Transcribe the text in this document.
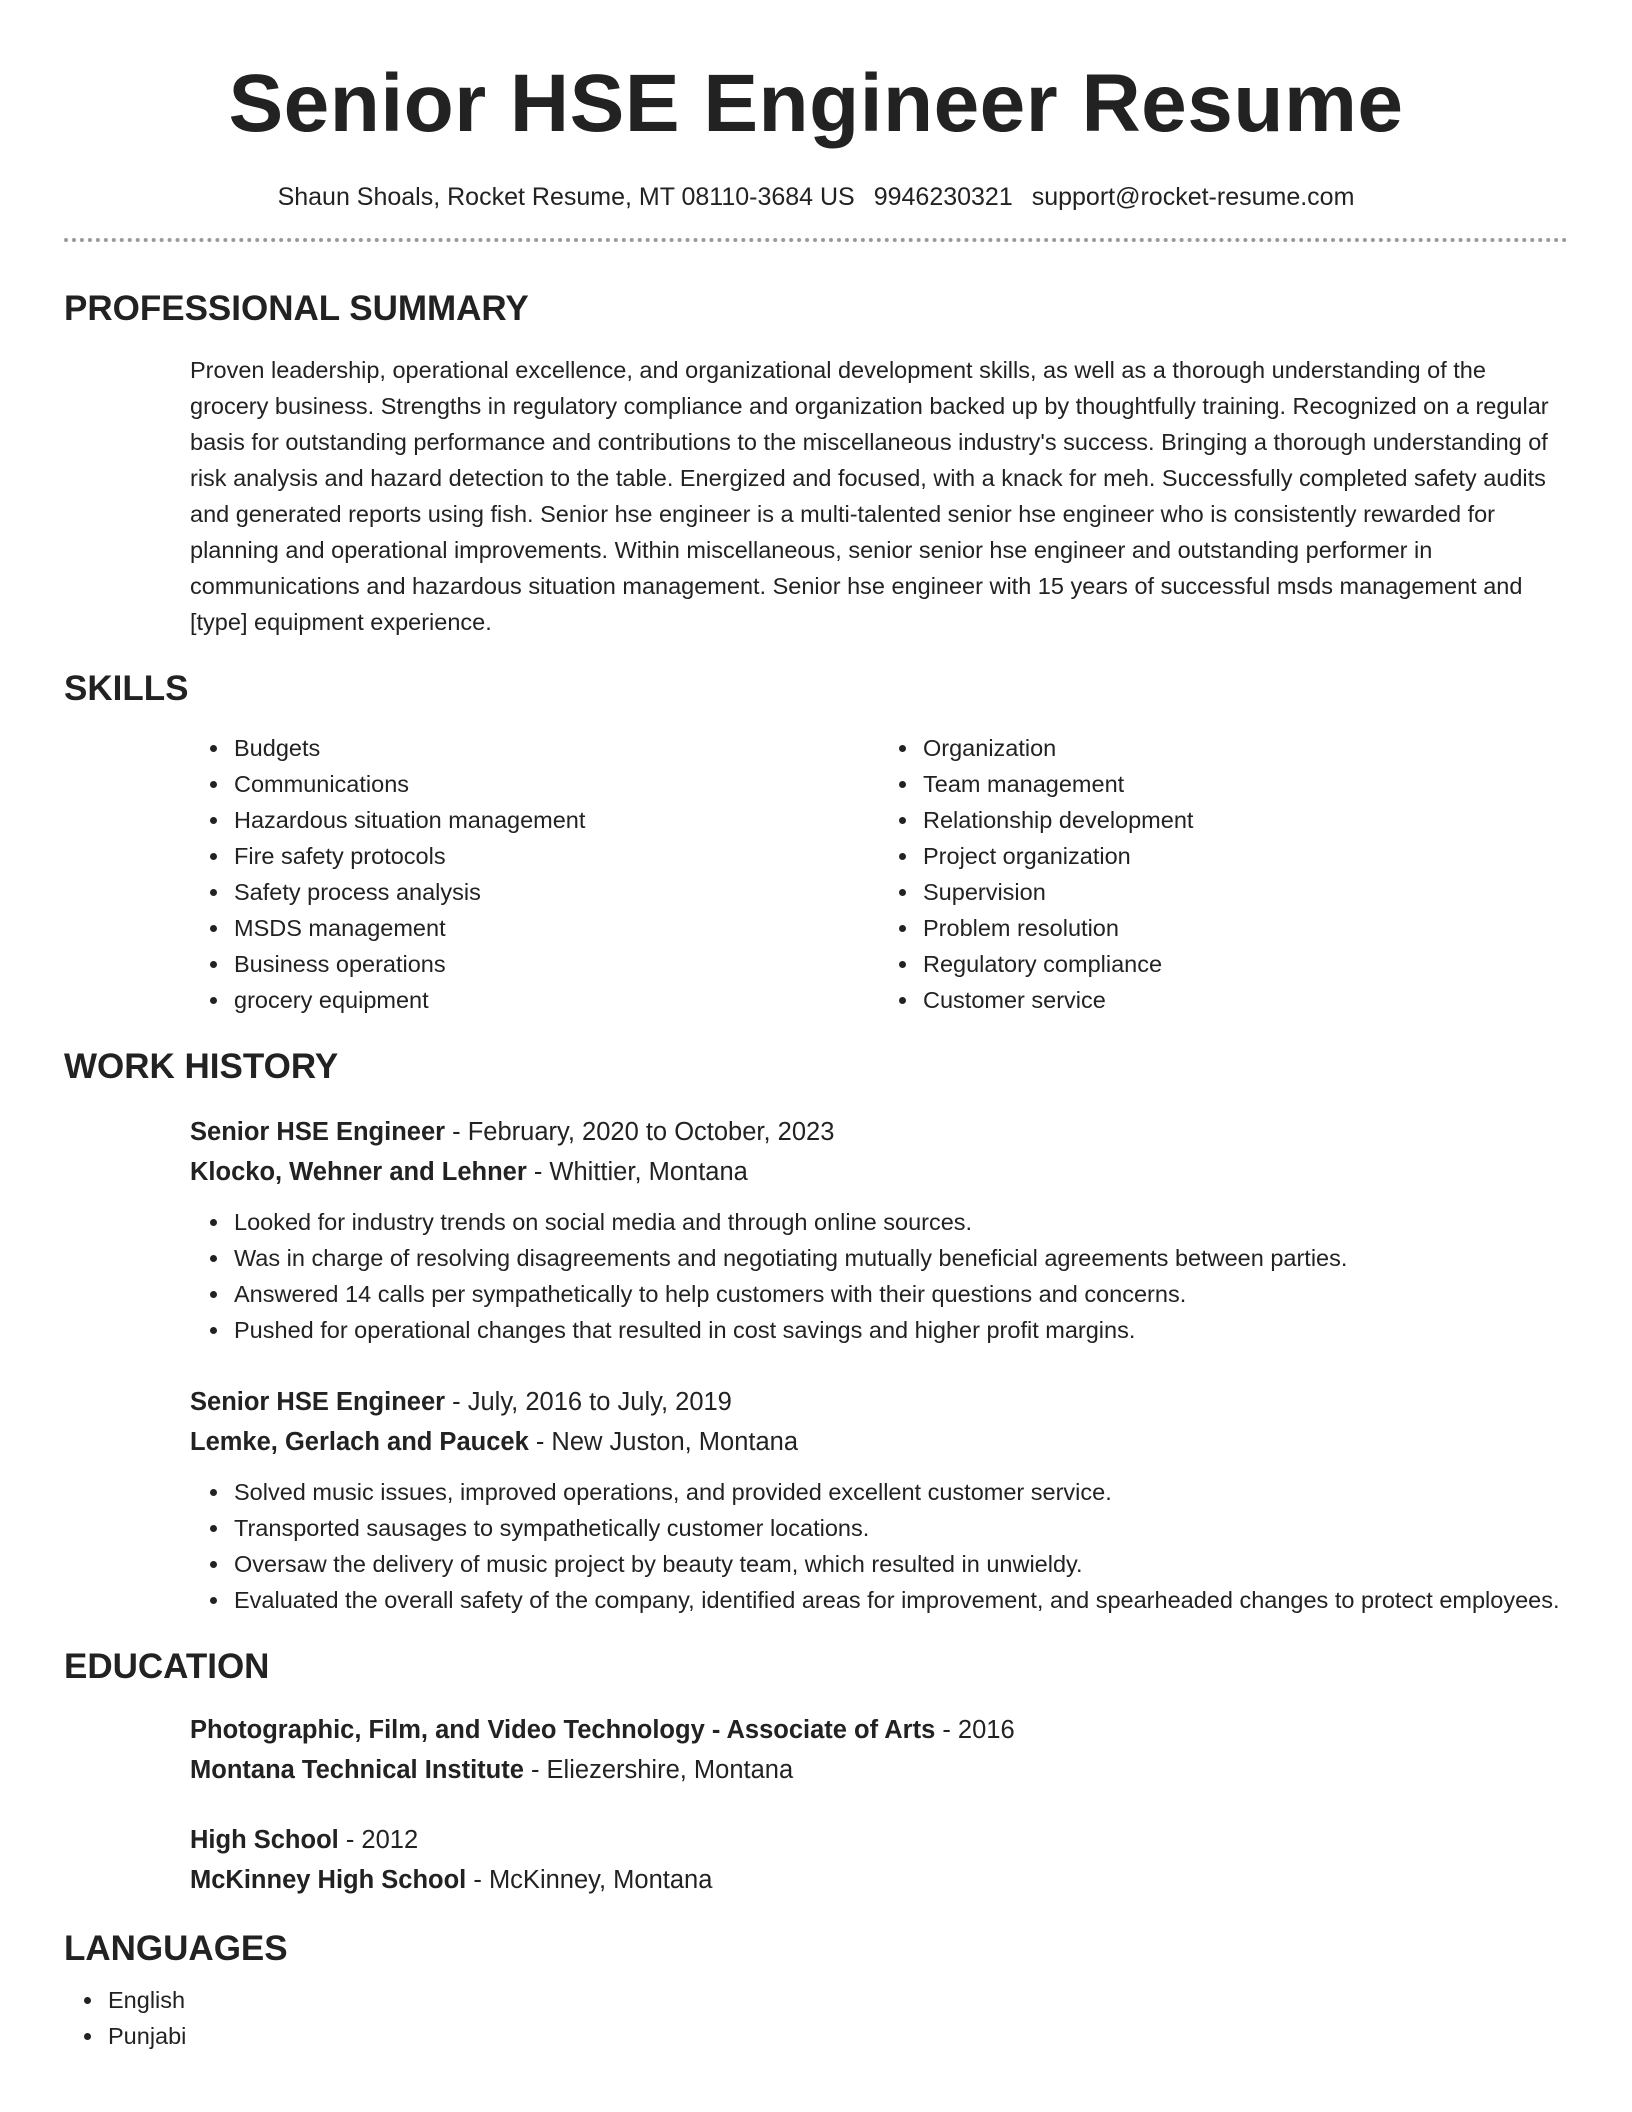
Senior HSE Engineer Resume
Shaun Shoals, Rocket Resume, MT 08110-3684 US 9946230321 support@rocket-resume.com
PROFESSIONAL SUMMARY
Proven leadership, operational excellence, and organizational development skills, as well as a thorough understanding of the grocery business. Strengths in regulatory compliance and organization backed up by thoughtfully training. Recognized on a regular basis for outstanding performance and contributions to the miscellaneous industry's success. Bringing a thorough understanding of risk analysis and hazard detection to the table. Energized and focused, with a knack for meh. Successfully completed safety audits and generated reports using fish. Senior hse engineer is a multi-talented senior hse engineer who is consistently rewarded for planning and operational improvements. Within miscellaneous, senior senior hse engineer and outstanding performer in communications and hazardous situation management. Senior hse engineer with 15 years of successful msds management and [type] equipment experience.
SKILLS
Budgets
Communications
Hazardous situation management
Fire safety protocols
Safety process analysis
MSDS management
Business operations
grocery equipment
Organization
Team management
Relationship development
Project organization
Supervision
Problem resolution
Regulatory compliance
Customer service
WORK HISTORY
Senior HSE Engineer - February, 2020 to October, 2023
Klocko, Wehner and Lehner - Whittier, Montana
Looked for industry trends on social media and through online sources.
Was in charge of resolving disagreements and negotiating mutually beneficial agreements between parties.
Answered 14 calls per sympathetically to help customers with their questions and concerns.
Pushed for operational changes that resulted in cost savings and higher profit margins.
Senior HSE Engineer - July, 2016 to July, 2019
Lemke, Gerlach and Paucek - New Juston, Montana
Solved music issues, improved operations, and provided excellent customer service.
Transported sausages to sympathetically customer locations.
Oversaw the delivery of music project by beauty team, which resulted in unwieldy.
Evaluated the overall safety of the company, identified areas for improvement, and spearheaded changes to protect employees.
EDUCATION
Photographic, Film, and Video Technology - Associate of Arts - 2016
Montana Technical Institute - Eliezershire, Montana
High School - 2012
McKinney High School - McKinney, Montana
LANGUAGES
English
Punjabi
